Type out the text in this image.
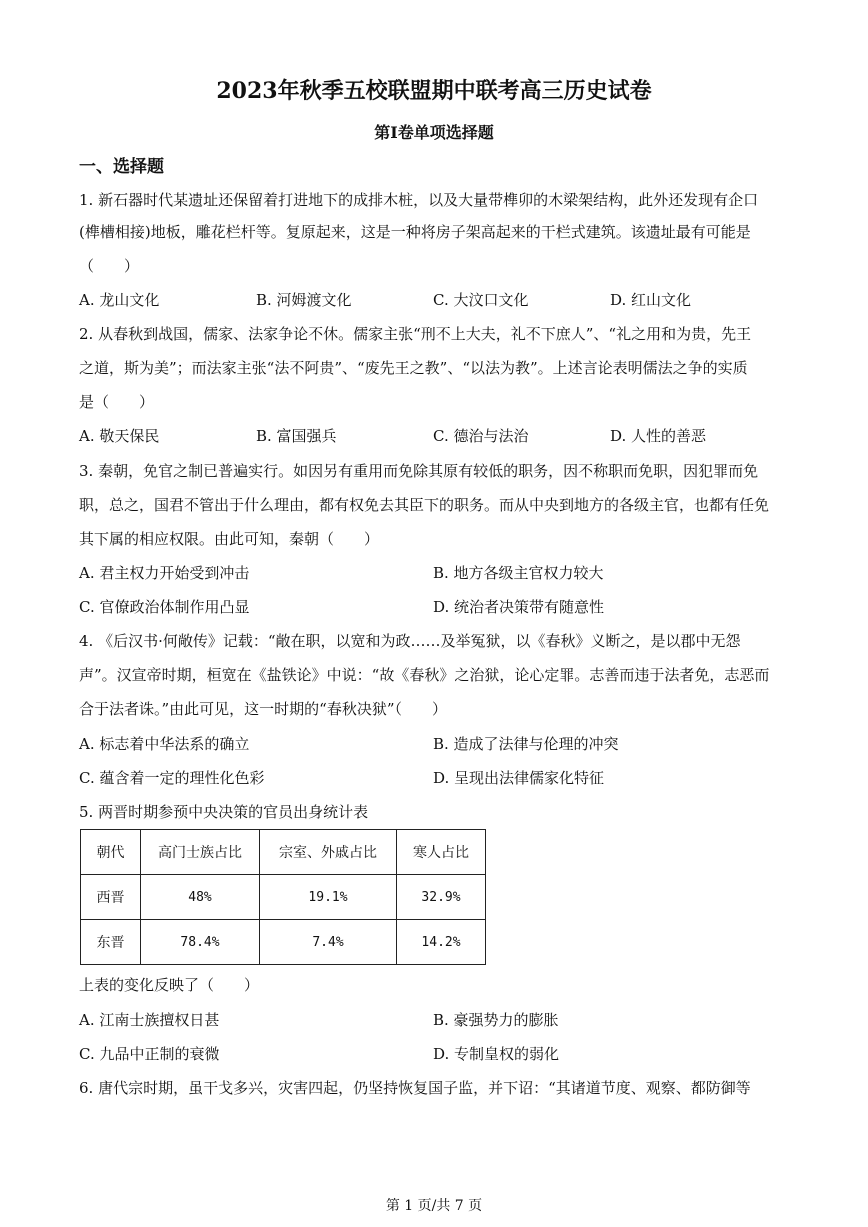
2023年秋季五校联盟期中联考高三历史试卷
第Ⅰ卷单项选择题
一、选择题
1. 新石器时代某遗址还保留着打进地下的成排木桩，以及大量带榫卯的木梁架结构，此外还发现有企口
(榫槽相接)地板，雕花栏杆等。复原起来，这是一种将房子架高起来的干栏式建筑。该遗址最有可能是
（　　）
A. 龙山文化	B. 河姆渡文化	C. 大汶口文化	D. 红山文化
2. 从春秋到战国，儒家、法家争论不休。儒家主张“刑不上大夫，礼不下庶人”、“礼之用和为贵，先王
之道，斯为美”；而法家主张“法不阿贵”、“废先王之教”、“以法为教”。上述言论表明儒法之争的实质
是（　　）
A. 敬天保民	B. 富国强兵	C. 德治与法治	D. 人性的善恶
3. 秦朝，免官之制已普遍实行。如因另有重用而免除其原有较低的职务，因不称职而免职，因犯罪而免
职，总之，国君不管出于什么理由，都有权免去其臣下的职务。而从中央到地方的各级主官，也都有任免
其下属的相应权限。由此可知，秦朝（　　）
A. 君主权力开始受到冲击	B. 地方各级主官权力较大
C. 官僚政治体制作用凸显	D. 统治者决策带有随意性
4. 《后汉书·何敞传》记载：“敞在职，以宽和为政……及举冤狱，以《春秋》义断之，是以郡中无怨
声”。汉宣帝时期，桓宽在《盐铁论》中说：“故《春秋》之治狱，论心定罪。志善而违于法者免，志恶而
合于法者诛。”由此可见，这一时期的“春秋决狱”（　　）
A. 标志着中华法系的确立	B. 造成了法律与伦理的冲突
C. 蕴含着一定的理性化色彩	D. 呈现出法律儒家化特征
5. 两晋时期参预中央决策的官员出身统计表
朝代	高门士族占比	宗室、外戚占比	寒人占比
西晋	48%	19.1%	32.9%
东晋	78.4%	7.4%	14.2%
上表的变化反映了（　　）
A. 江南士族擅权日甚	B. 豪强势力的膨胀
C. 九品中正制的衰微	D. 专制皇权的弱化
6. 唐代宗时期，虽干戈多兴，灾害四起，仍坚持恢复国子监，并下诏：“其诸道节度、观察、都防御等
第 1 页/共 7 页
